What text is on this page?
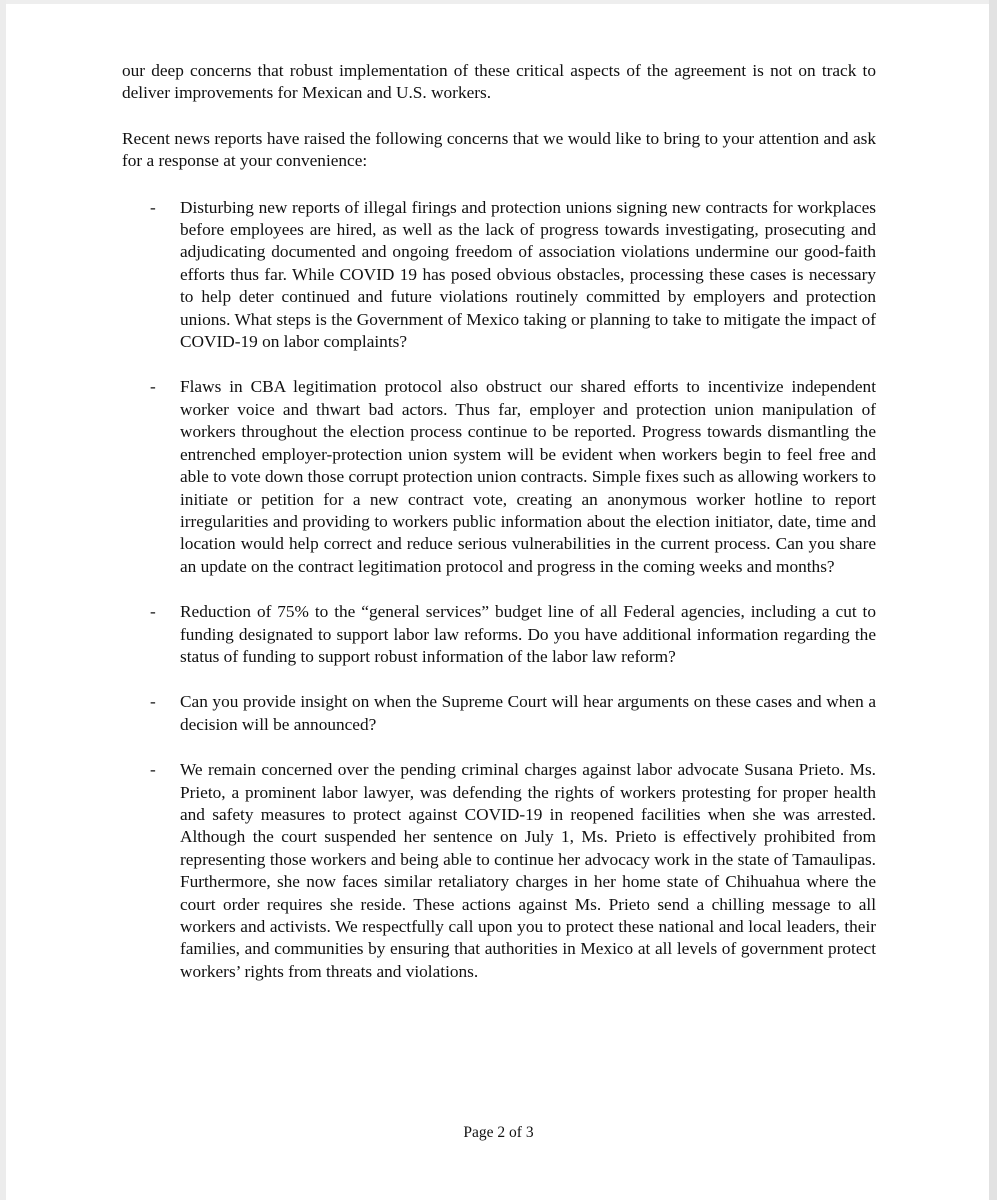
our deep concerns that robust implementation of these critical aspects of the agreement is not on track to deliver improvements for Mexican and U.S. workers.

Recent news reports have raised the following concerns that we would like to bring to your attention and ask for a response at your convenience:

- Disturbing new reports of illegal firings and protection unions signing new contracts for workplaces before employees are hired, as well as the lack of progress towards investigating, prosecuting and adjudicating documented and ongoing freedom of association violations undermine our good-faith efforts thus far. While COVID 19 has posed obvious obstacles, processing these cases is necessary to help deter continued and future violations routinely committed by employers and protection unions. What steps is the Government of Mexico taking or planning to take to mitigate the impact of COVID-19 on labor complaints?
- Flaws in CBA legitimation protocol also obstruct our shared efforts to incentivize independent worker voice and thwart bad actors. Thus far, employer and protection union manipulation of workers throughout the election process continue to be reported. Progress towards dismantling the entrenched employer-protection union system will be evident when workers begin to feel free and able to vote down those corrupt protection union contracts. Simple fixes such as allowing workers to initiate or petition for a new contract vote, creating an anonymous worker hotline to report irregularities and providing to workers public information about the election initiator, date, time and location would help correct and reduce serious vulnerabilities in the current process. Can you share an update on the contract legitimation protocol and progress in the coming weeks and months?
- Reduction of 75% to the “general services” budget line of all Federal agencies, including a cut to funding designated to support labor law reforms. Do you have additional information regarding the status of funding to support robust information of the labor law reform?
- Can you provide insight on when the Supreme Court will hear arguments on these cases and when a decision will be announced?
- We remain concerned over the pending criminal charges against labor advocate Susana Prieto. Ms. Prieto, a prominent labor lawyer, was defending the rights of workers protesting for proper health and safety measures to protect against COVID-19 in reopened facilities when she was arrested. Although the court suspended her sentence on July 1, Ms. Prieto is effectively prohibited from representing those workers and being able to continue her advocacy work in the state of Tamaulipas. Furthermore, she now faces similar retaliatory charges in her home state of Chihuahua where the court order requires she reside. These actions against Ms. Prieto send a chilling message to all workers and activists. We respectfully call upon you to protect these national and local leaders, their families, and communities by ensuring that authorities in Mexico at all levels of government protect workers’ rights from threats and violations.
Page 2 of 3
